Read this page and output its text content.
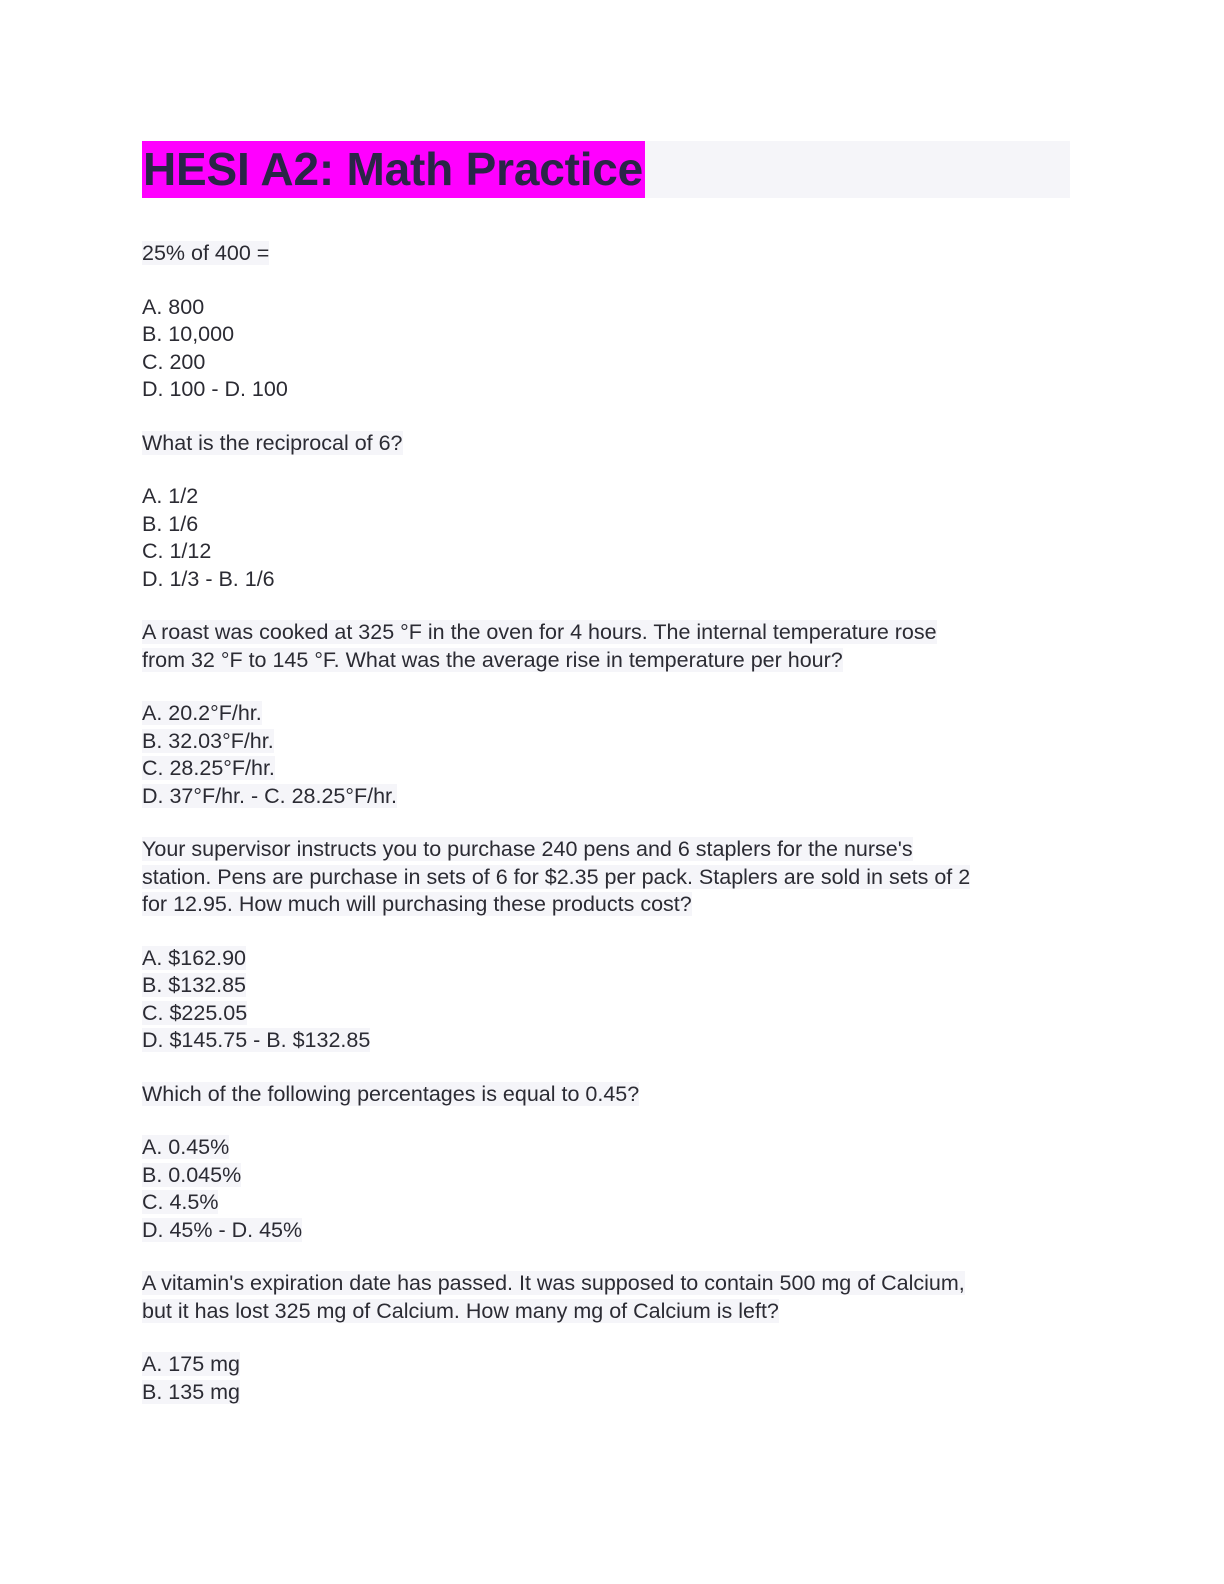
HESI A2: Math Practice
25% of 400 =
A. 800
B. 10,000
C. 200
D. 100 - D. 100
What is the reciprocal of 6?
A. 1/2
B. 1/6
C. 1/12
D. 1/3 - B. 1/6
A roast was cooked at 325 °F in the oven for 4 hours. The internal temperature rose
from 32 °F to 145 °F. What was the average rise in temperature per hour?
A. 20.2°F/hr.
B. 32.03°F/hr.
C. 28.25°F/hr.
D. 37°F/hr. - C. 28.25°F/hr.
Your supervisor instructs you to purchase 240 pens and 6 staplers for the nurse's
station. Pens are purchase in sets of 6 for $2.35 per pack. Staplers are sold in sets of 2
for 12.95. How much will purchasing these products cost?
A. $162.90
B. $132.85
C. $225.05
D. $145.75 - B. $132.85
Which of the following percentages is equal to 0.45?
A. 0.45%
B. 0.045%
C. 4.5%
D. 45% - D. 45%
A vitamin's expiration date has passed. It was supposed to contain 500 mg of Calcium,
but it has lost 325 mg of Calcium. How many mg of Calcium is left?
A. 175 mg
B. 135 mg
